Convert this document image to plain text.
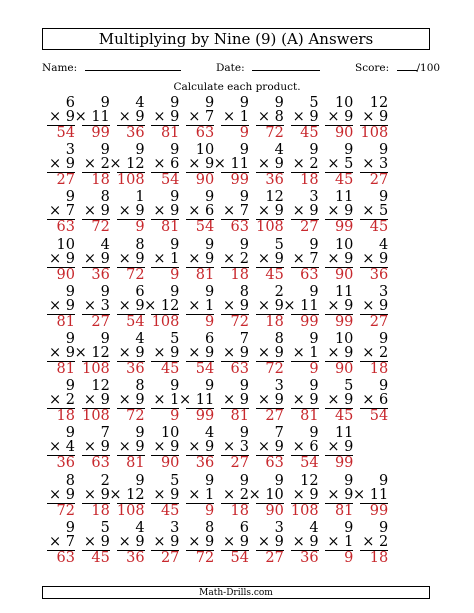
Multiplying by Nine (9) (A) Answers
Name:	Date:	Score:	/100
Calculate each product.
6
× 9
54
9
× 11
99
4
× 9
36
9
× 9
81
9
× 7
63
9
× 1
9
9
× 8
72
5
× 9
45
10
× 9
90
12
× 9
108
3
× 9
27
9
× 2
18
9
× 12
108
9
× 6
54
10
× 9
90
9
× 11
99
4
× 9
36
9
× 2
18
9
× 5
45
9
× 3
27
9
× 7
63
8
× 9
72
1
× 9
9
9
× 9
81
9
× 6
54
9
× 7
63
12
× 9
108
3
× 9
27
11
× 9
99
9
× 5
45
10
× 9
90
4
× 9
36
8
× 9
72
9
× 1
9
9
× 9
81
9
× 2
18
5
× 9
45
9
× 7
63
10
× 9
90
4
× 9
36
9
× 9
81
9
× 3
27
6
× 9
54
9
× 12
108
9
× 1
9
8
× 9
72
2
× 9
18
9
× 11
99
11
× 9
99
3
× 9
27
9
× 9
81
9
× 12
108
4
× 9
36
5
× 9
45
6
× 9
54
7
× 9
63
8
× 9
72
9
× 1
9
10
× 9
90
9
× 2
18
9
× 2
18
12
× 9
108
8
× 9
72
9
× 1
9
9
× 11
99
9
× 9
81
3
× 9
27
9
× 9
81
5
× 9
45
9
× 6
54
9
× 4
36
7
× 9
63
9
× 9
81
10
× 9
90
4
× 9
36
9
× 3
27
7
× 9
63
9
× 6
54
11
× 9
99
8
× 9
72
2
× 9
18
9
× 12
108
5
× 9
45
9
× 1
9
9
× 2
18
9
× 10
90
12
× 9
108
9
× 9
81
9
× 11
99
9
× 7
63
5
× 9
45
4
× 9
36
3
× 9
27
8
× 9
72
6
× 9
54
3
× 9
27
4
× 9
36
9
× 1
9
9
× 2
18
Math-Drills.com
